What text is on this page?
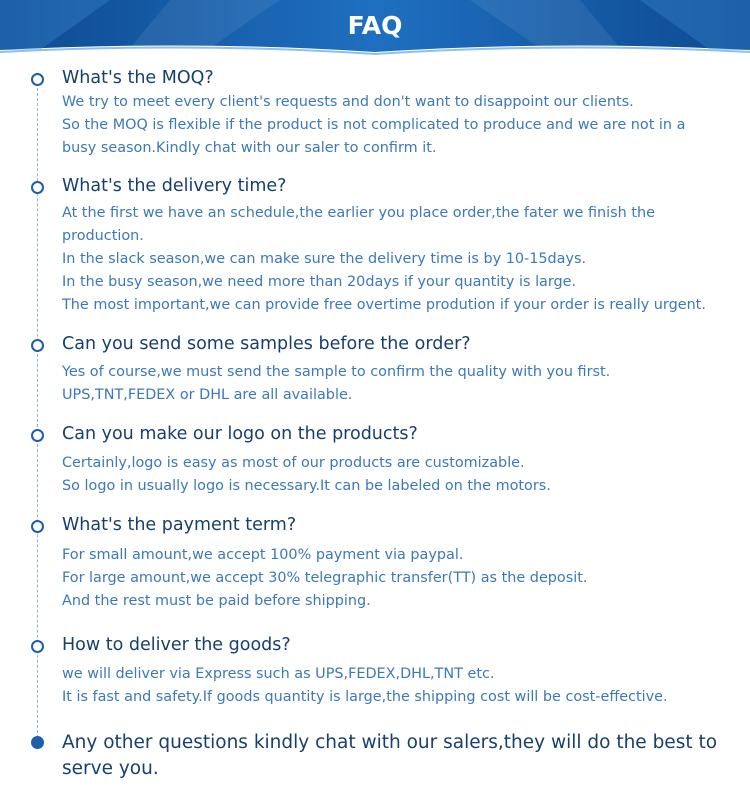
FAQ

What's the MOQ?

We try to meet every client's requests and don't want to disappoint our clients.
So the MOQ is flexible if the product is not complicated to produce and we are not in a
busy season.Kindly chat with our saler to confirm it.

What's the delivery time?

At the first we have an schedule,the earlier you place order,the fater we finish the
production.
In the slack season,we can make sure the delivery time is by 10-15days.
In the busy season,we need more than 20days if your quantity is large.
The most important,we can provide free overtime prodution if your order is really urgent.

Can you send some samples before the order?

Yes of course,we must send the sample to confirm the quality with you first.
UPS,TNT,FEDEX or DHL are all available.

Can you make our logo on the products?

Certainly,logo is easy as most of our products are customizable.
So logo in usually logo is necessary.It can be labeled on the motors.

What's the payment term?

For small amount,we accept 100% payment via paypal.
For large amount,we accept 30% telegraphic transfer(TT) as the deposit.
And the rest must be paid before shipping.

How to deliver the goods?

we will deliver via Express such as UPS,FEDEX,DHL,TNT etc.
It is fast and safety.If goods quantity is large,the shipping cost will be cost-effective.

Any other questions kindly chat with our salers,they will do the best to serve you.
